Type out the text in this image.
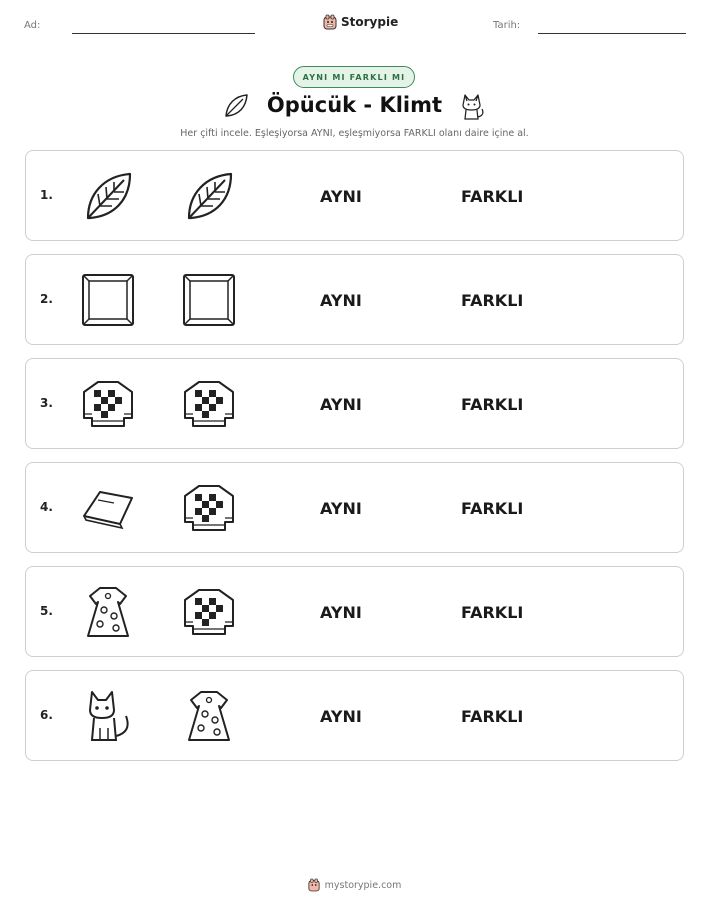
Ad:	Storypie	Tarih:
AYNI MI FARKLI MI
Öpücük - Klimt
Her çifti incele. Eşleşiyorsa AYNI, eşleşmiyorsa FARKLI olanı daire içine al.
1.	AYNI	FARKLI
2.	AYNI	FARKLI
3.	AYNI	FARKLI
4.	AYNI	FARKLI
5.	AYNI	FARKLI
6.	AYNI	FARKLI
mystorypie.com
